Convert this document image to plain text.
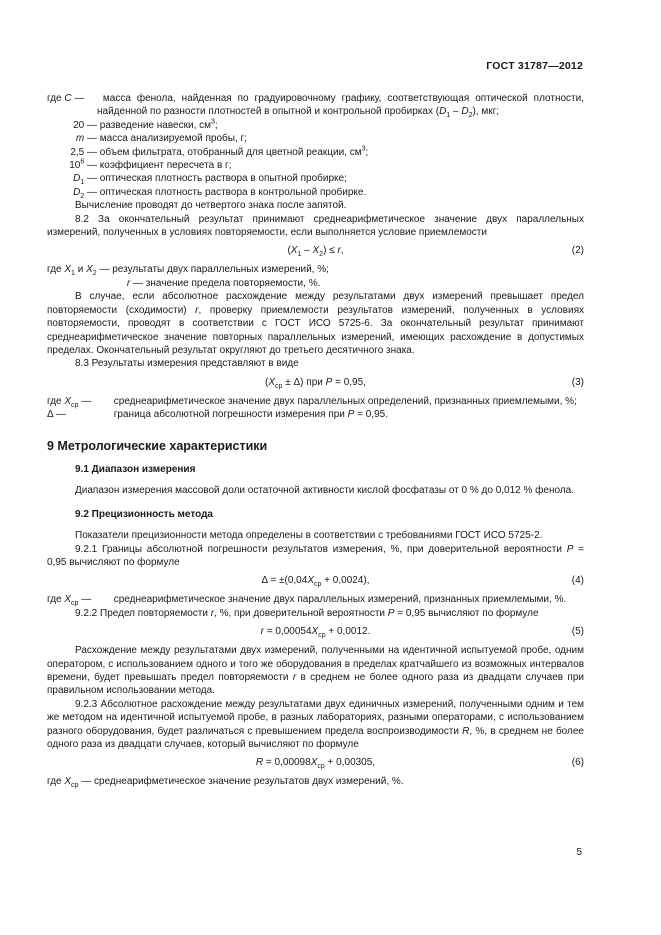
ГОСТ 31787—2012
где C —	масса фенола, найденная по градуировочному графику, соответствующая оптической плотности, найденной по разности плотностей в опытной и контрольной пробирках $(D_1 - D_2)$, мкг;
20 — разведение навески, $см^3$;
m — масса анализируемой пробы, г;
2,5 — объем фильтрата, отобранный для цветной реакции, $см^3$;
$10^6$ — коэффициент пересчета в г;
$D_1$ — оптическая плотность раствора в опытной пробирке;
$D_2$ — оптическая плотность раствора в контрольной пробирке.

Вычисление проводят до четвертого знака после запятой.

8.2 За окончательный результат принимают среднеарифметическое значение двух параллельных измерений, полученных в условиях повторяемости, если выполняется условие приемлемости

$(X_1 - X_2) \le r$,	(2)
где $X_1$ и $X_2$ — результаты двух параллельных измерений, %;
r — значение предела повторяемости, %.

В случае, если абсолютное расхождение между результатами двух измерений превышает предел повторяемости (сходимости) r, проверку приемлемости результатов измерений, полученных в условиях повторяемости, проводят в соответствии с ГОСТ ИСО 5725-6. За окончательный результат принимают среднеарифметическое значение повторных параллельных измерений, имеющих расхождение в допустимых пределах. Окончательный результат округляют до третьего десятичного знака.

8.3 Результаты измерения представляют в виде

$(X_{ср} \pm \Delta)$ при P = 0,95,	(3)
где $X_{ср}$ —	среднеарифметическое значение двух параллельных определений, признанных приемлемыми, %;
Δ —	граница абсолютной погрешности измерения при P = 0,95.
9 Метрологические характеристики
9.1 Диапазон измерения

Диапазон измерения массовой доли остаточной активности кислой фосфатазы от 0 % до 0,012 % фенола.

9.2 Прецизионность метода

Показатели прецизионности метода определены в соответствии с требованиями ГОСТ ИСО 5725-2.

9.2.1 Границы абсолютной погрешности результатов измерения, %, при доверительной вероятности P = 0,95 вычисляют по формуле

$\Delta = \pm(0,04X_{ср} + 0,0024)$,	(4)
где $X_{ср}$ —	среднеарифметическое значение двух параллельных измерений, признанных приемлемыми, %.

9.2.2 Предел повторяемости r, %, при доверительной вероятности P = 0,95 вычисляют по формуле

$r = 0,00054X_{ср} + 0,0012$.	(5)

Расхождение между результатами двух измерений, полученными на идентичной испытуемой пробе, одним оператором, с использованием одного и того же оборудования в пределах кратчайшего из возможных интервалов времени, будет превышать предел повторяемости r в среднем не более одного раза из двадцати случаев при правильном использовании метода.

9.2.3 Абсолютное расхождение между результатами двух единичных измерений, полученными одним и тем же методом на идентичной испытуемой пробе, в разных лабораториях, разными операторами, с использованием разного оборудования, будет различаться с превышением предела воспроизводимости R, %, в среднем не более одного раза из двадцати случаев, который вычисляют по формуле

$R = 0,00098X_{ср} + 0,00305$,	(6)
где $X_{ср}$ — среднеарифметическое значение результатов двух измерений, %.
5
